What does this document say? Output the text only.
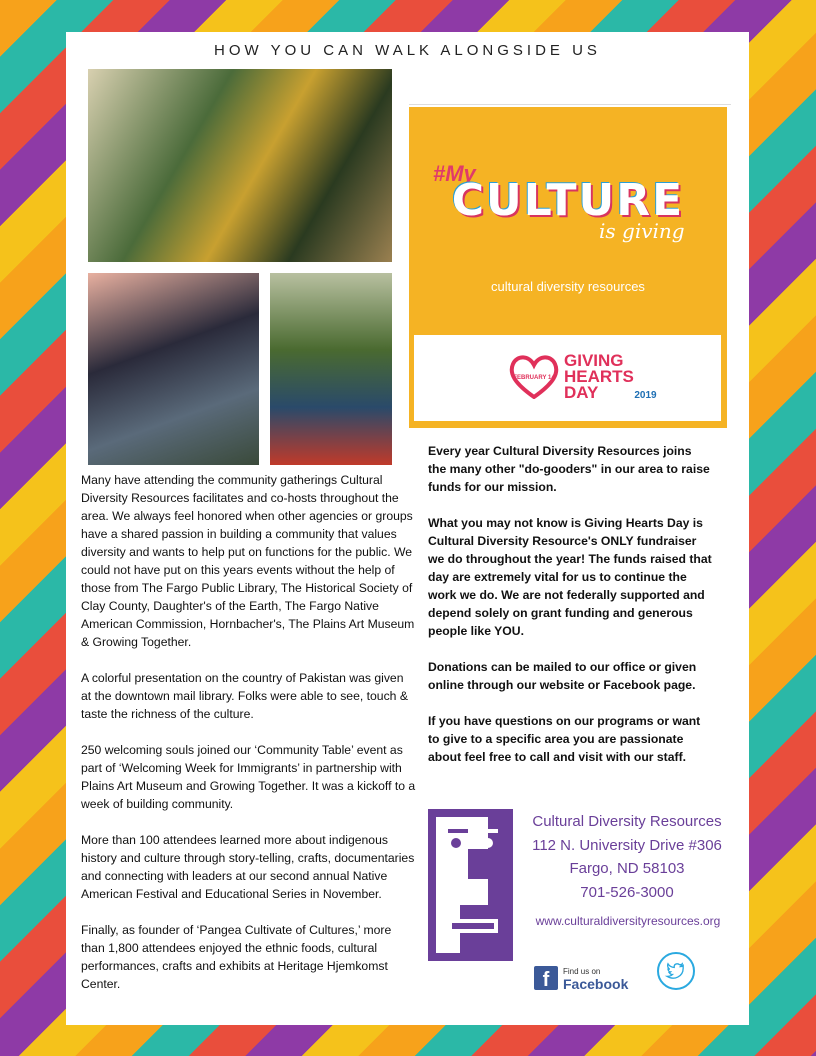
HOW YOU CAN WALK ALONGSIDE US

Many have attending the community gatherings Cultural Diversity Resources facilitates and co-hosts throughout the area. We always feel honored when other agencies or groups have a shared passion in building a community that values diversity and wants to help put on functions for the public. We could not have put on this years events without the help of those from The Fargo Public Library, The Historical Society of Clay County, Daughter's of the Earth, The Fargo Native American Commission, Hornbacher's, The Plains Art Museum & Growing Together.

A colorful presentation on the country of Pakistan was given at the downtown mail library. Folks were able to see, touch & taste the richness of the culture.

250 welcoming souls joined our ‘Community Table’ event as part of ‘Welcoming Week for Immigrants’ in partnership with Plains Art Museum and Growing Together. It was a kickoff to a week of building community.

More than 100 attendees learned more about indigenous history and culture through story-telling, crafts, documentaries and connecting with leaders at our second annual Native American Festival and Educational Series in November.

Finally, as founder of ‘Pangea Cultivate of Cultures,’ more than 1,800 attendees enjoyed the ethnic foods, cultural performances, crafts and exhibits at Heritage Hjemkomst Center.

#My
CULTURE
is giving
cultural diversity resources
FEBRUARY 14
GIVING
HEARTS
DAY	2019

Every year Cultural Diversity Resources joins the many other "do-gooders" in our area to raise funds for our mission.

What you may not know is Giving Hearts Day is Cultural Diversity Resource's ONLY fundraiser we do throughout the year! The funds raised that day are extremely vital for us to continue the work we do. We are not federally supported and depend solely on grant funding and generous people like YOU.

Donations can be mailed to our office or given online through our website or Facebook page.

If you have questions on our programs or want to give to a specific area you are passionate about feel free to call and visit with our staff.

Cultural Diversity Resources
112 N. University Drive #306
Fargo, ND 58103
701-526-3000
www.culturaldiversityresources.org
f	Find us on
Facebook
